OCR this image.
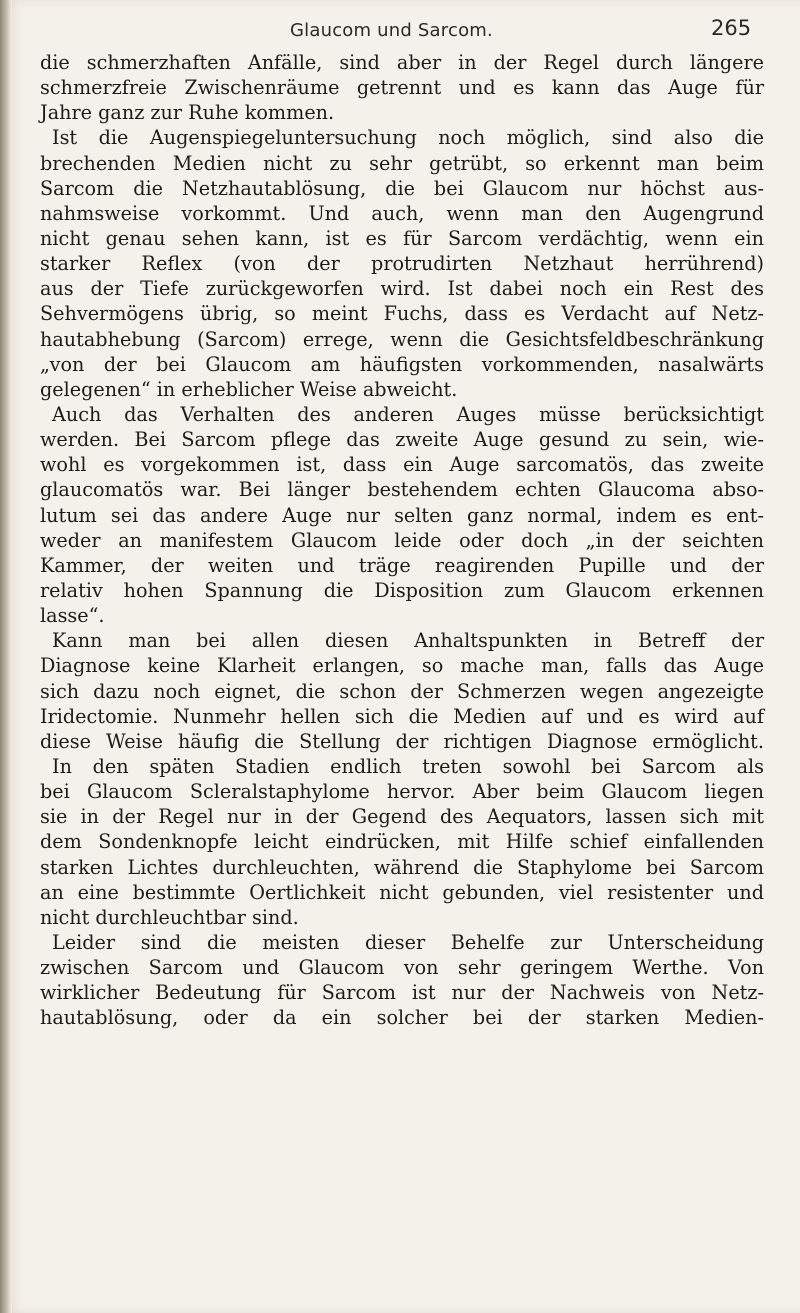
Glaucom und Sarcom.	265
die schmerzhaften Anfälle, sind aber in der Regel durch längere
schmerzfreie Zwischenräume getrennt und es kann das Auge für
Jahre ganz zur Ruhe kommen.
Ist die Augenspiegeluntersuchung noch möglich, sind also die
brechenden Medien nicht zu sehr getrübt, so erkennt man beim
Sarcom die Netzhautablösung, die bei Glaucom nur höchst aus-
nahmsweise vorkommt. Und auch, wenn man den Augengrund
nicht genau sehen kann, ist es für Sarcom verdächtig, wenn ein
starker Reflex (von der protrudirten Netzhaut herrührend)
aus der Tiefe zurückgeworfen wird. Ist dabei noch ein Rest des
Sehvermögens übrig, so meint Fuchs, dass es Verdacht auf Netz-
hautabhebung (Sarcom) errege, wenn die Gesichtsfeldbeschränkung
„von der bei Glaucom am häufigsten vorkommenden, nasalwärts
gelegenen“ in erheblicher Weise abweicht.
Auch das Verhalten des anderen Auges müsse berücksichtigt
werden. Bei Sarcom pflege das zweite Auge gesund zu sein, wie-
wohl es vorgekommen ist, dass ein Auge sarcomatös, das zweite
glaucomatös war. Bei länger bestehendem echten Glaucoma abso-
lutum sei das andere Auge nur selten ganz normal, indem es ent-
weder an manifestem Glaucom leide oder doch „in der seichten
Kammer, der weiten und träge reagirenden Pupille und der
relativ hohen Spannung die Disposition zum Glaucom erkennen
lasse“.
Kann man bei allen diesen Anhaltspunkten in Betreff der
Diagnose keine Klarheit erlangen, so mache man, falls das Auge
sich dazu noch eignet, die schon der Schmerzen wegen angezeigte
Iridectomie. Nunmehr hellen sich die Medien auf und es wird auf
diese Weise häufig die Stellung der richtigen Diagnose ermöglicht.
In den späten Stadien endlich treten sowohl bei Sarcom als
bei Glaucom Scleralstaphylome hervor. Aber beim Glaucom liegen
sie in der Regel nur in der Gegend des Aequators, lassen sich mit
dem Sondenknopfe leicht eindrücken, mit Hilfe schief einfallenden
starken Lichtes durchleuchten, während die Staphylome bei Sarcom
an eine bestimmte Oertlichkeit nicht gebunden, viel resistenter und
nicht durchleuchtbar sind.
Leider sind die meisten dieser Behelfe zur Unterscheidung
zwischen Sarcom und Glaucom von sehr geringem Werthe. Von
wirklicher Bedeutung für Sarcom ist nur der Nachweis von Netz-
hautablösung, oder da ein solcher bei der starken Medien-
